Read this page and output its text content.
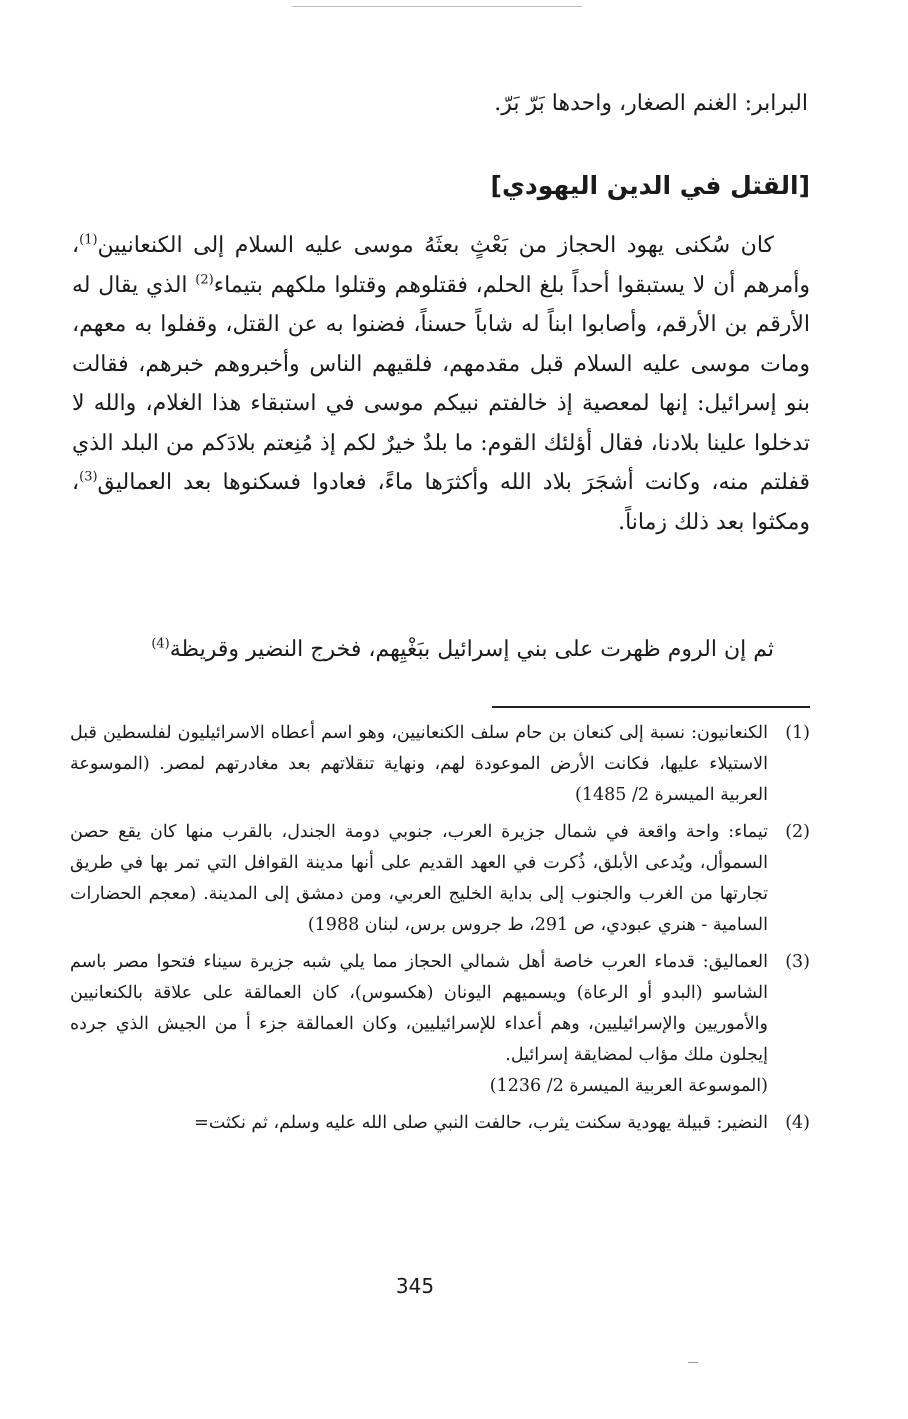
البرابر: الغنم الصغار، واحدها بَرّ بَرّ.
[القتل في الدين اليهودي]

كان سُكنى يهود الحجاز من بَعْثٍ بعثَهُ موسى عليه السلام إلى الكنعانيين$^{(1)}$، وأمرهم أن لا يستبقوا أحداً بلغ الحلم، فقتلوهم وقتلوا ملكهم بتيماء$^{(2)}$ الذي يقال له الأرقم بن الأرقم، وأصابوا ابناً له شاباً حسناً، فضنوا به عن القتل، وقفلوا به معهم، ومات موسى عليه السلام قبل مقدمهم، فلقيهم الناس وأخبروهم خبرهم، فقالت بنو إسرائيل: إنها لمعصية إذ خالفتم نبيكم موسى في استبقاء هذا الغلام، والله لا تدخلوا علينا بلادنا، فقال أؤلئك القوم: ما بلدٌ خيرٌ لكم إذ مُنِعتم بلادَكم من البلد الذي قفلتم منه، وكانت أشجَرَ بلاد الله وأكثرَها ماءً، فعادوا فسكنوها بعد العماليق$^{(3)}$، ومكثوا بعد ذلك زماناً.

ثم إن الروم ظهرت على بني إسرائيل ببَغْيِهم، فخرج النضير وقريظة$^{(4)}$

(1)
الكنعانيون: نسبة إلى كنعان بن حام سلف الكنعانيين، وهو اسم أعطاه الاسرائيليون لفلسطين قبل الاستيلاء عليها، فكانت الأرض الموعودة لهم، ونهاية تنقلاتهم بعد مغادرتهم لمصر. (الموسوعة العربية الميسرة 2/ 1485)
(2)
تيماء: واحة واقعة في شمال جزيرة العرب، جنوبي دومة الجندل، بالقرب منها كان يقع حصن السموأل، ويُدعى الأبلق، ذُكرت في العهد القديم على أنها مدينة القوافل التي تمر بها في طريق تجارتها من الغرب والجنوب إلى بداية الخليج العربي، ومن دمشق إلى المدينة. (معجم الحضارات السامية - هنري عبودي، ص 291، ط جروس برس، لبنان 1988)
(3)
العماليق: قدماء العرب خاصة أهل شمالي الحجاز مما يلي شبه جزيرة سيناء فتحوا مصر باسم الشاسو (البدو أو الرعاة) ويسميهم اليونان (هكسوس)، كان العمالقة على علاقة بالكنعانيين والأموريين والإسرائيليين، وهم أعداء للإسرائيليين، وكان العمالقة جزء أ من الجيش الذي جرده إيجلون ملك مؤاب لمضايقة إسرائيل.
(الموسوعة العربية الميسرة 2/ 1236)
(4)
النضير: قبيلة يهودية سكنت يثرب، حالفت النبي صلى الله عليه وسلم، ثم نكثت=
345
